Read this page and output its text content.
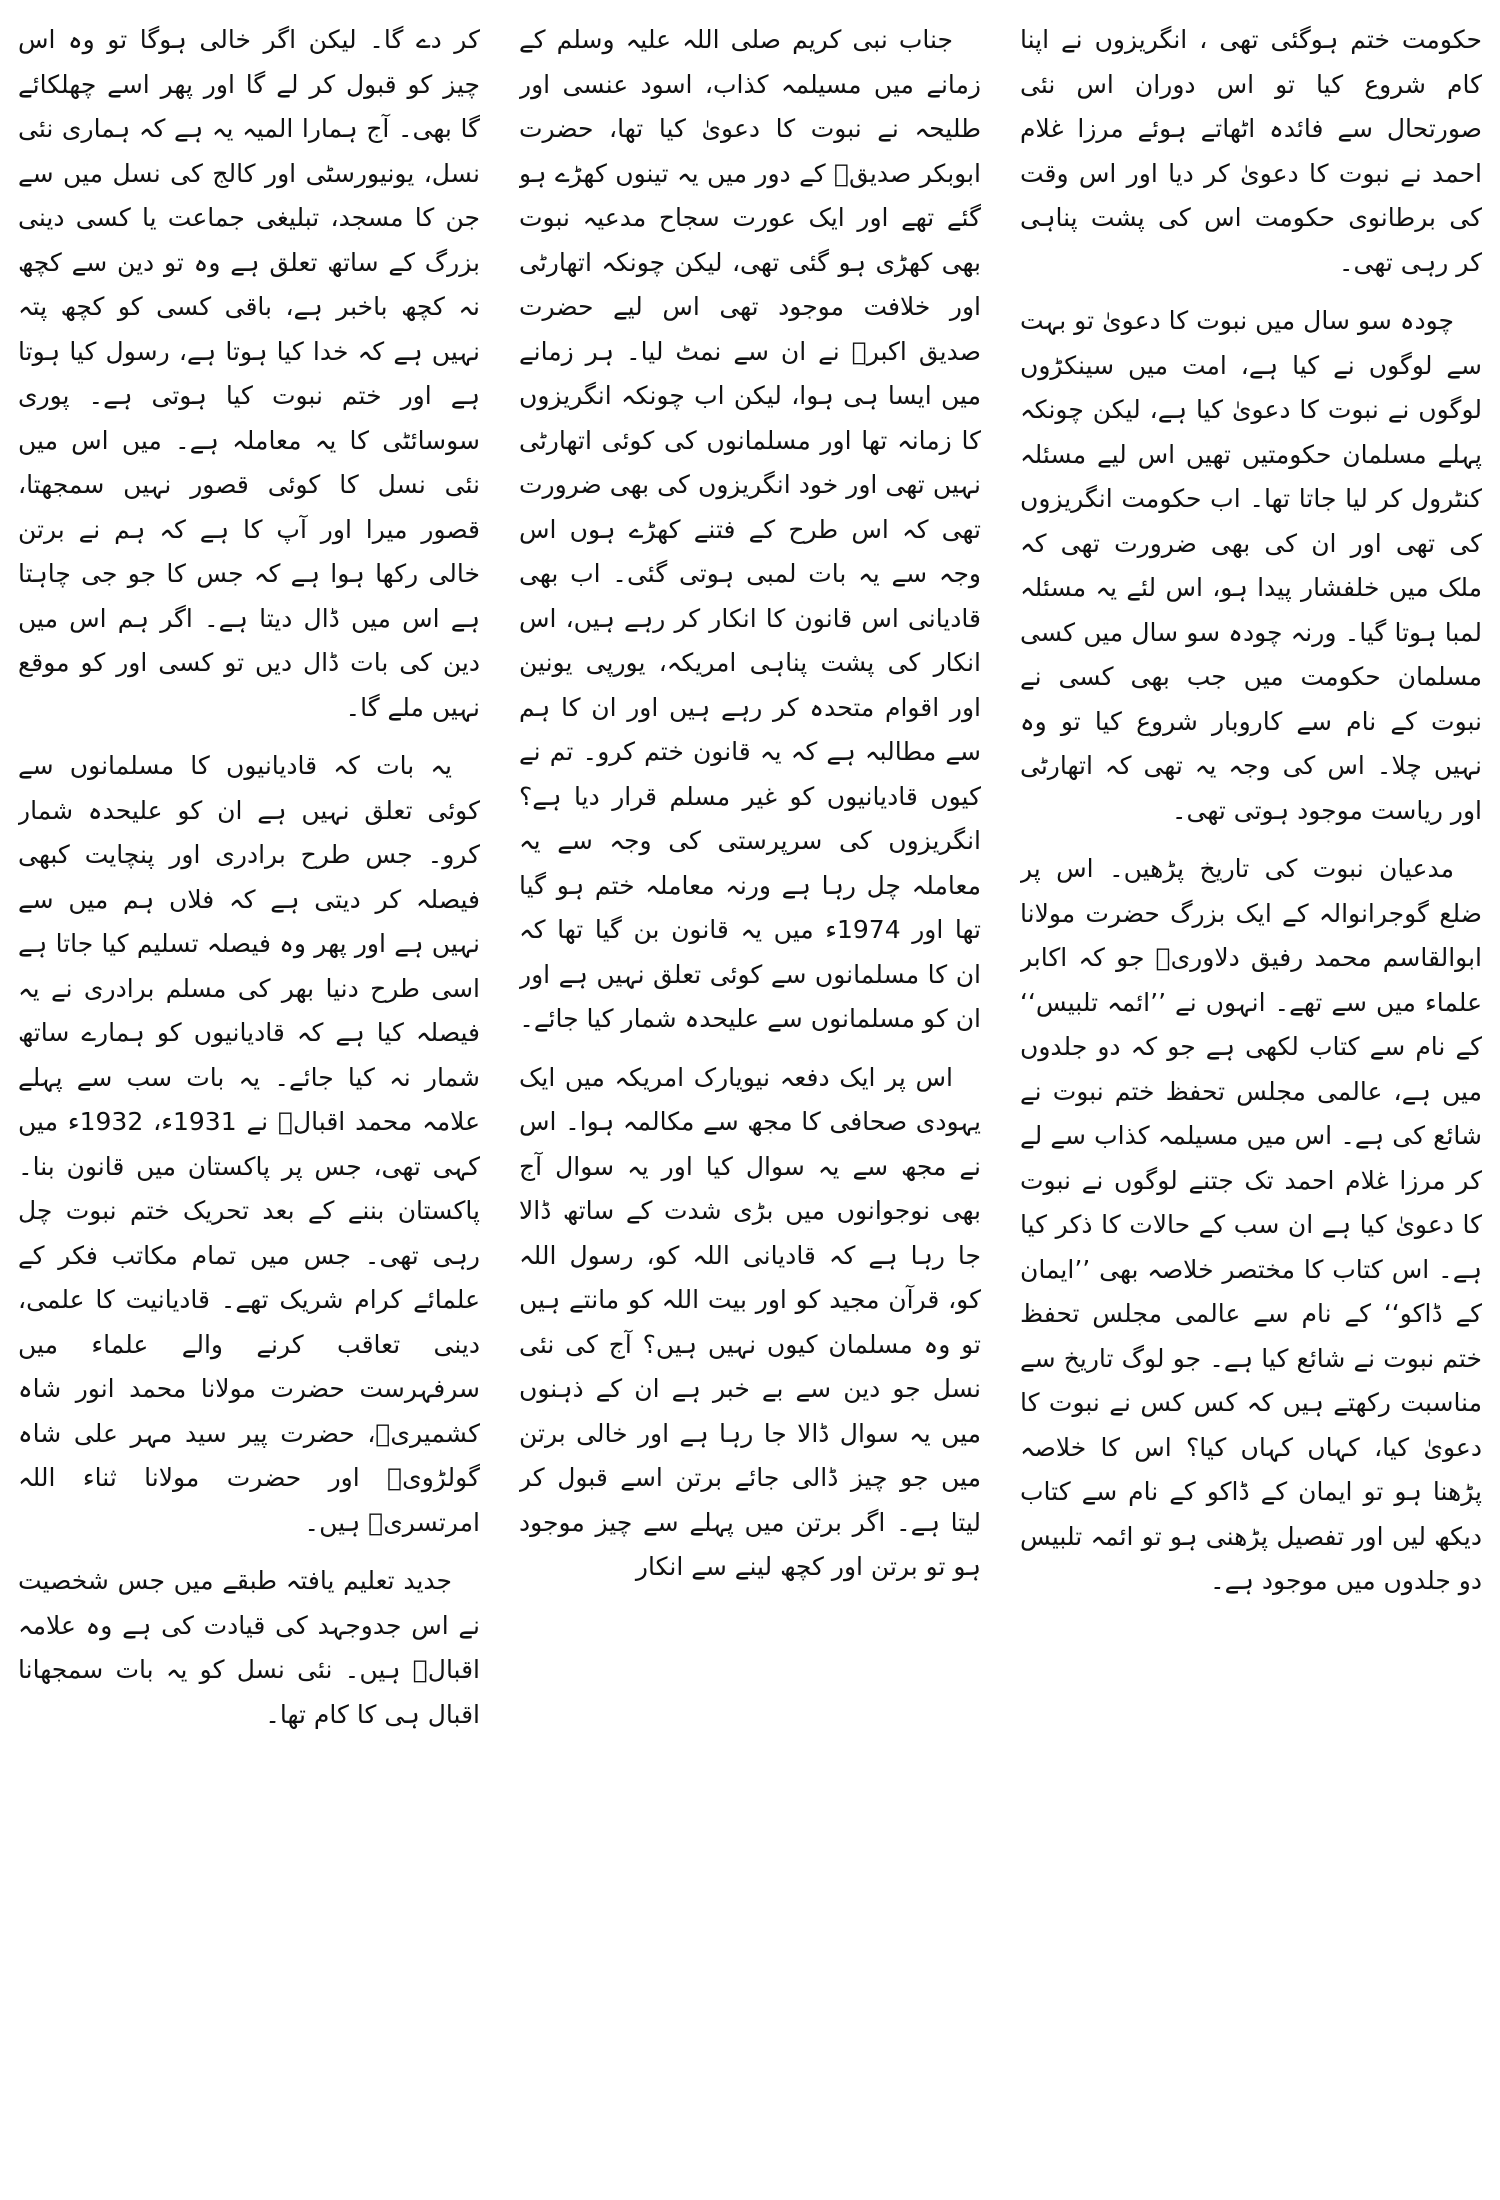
حکومت ختم ہوگئی تھی ، انگریزوں نے اپنا کام شروع کیا تو اس دوران اس نئی صورتحال سے فائدہ اٹھاتے ہوئے مرزا غلام احمد نے نبوت کا دعویٰ کر دیا اور اس وقت کی برطانوی حکومت اس کی پشت پناہی کر رہی تھی۔

چودہ سو سال میں نبوت کا دعویٰ تو بہت سے لوگوں نے کیا ہے، امت میں سینکڑوں لوگوں نے نبوت کا دعویٰ کیا ہے، لیکن چونکہ پہلے مسلمان حکومتیں تھیں اس لیے مسئلہ کنٹرول کر لیا جاتا تھا۔ اب حکومت انگریزوں کی تھی اور ان کی بھی ضرورت تھی کہ ملک میں خلفشار پیدا ہو، اس لئے یہ مسئلہ لمبا ہوتا گیا۔ ورنہ چودہ سو سال میں کسی مسلمان حکومت میں جب بھی کسی نے نبوت کے نام سے کاروبار شروع کیا تو وہ نہیں چلا۔ اس کی وجہ یہ تھی کہ اتھارٹی اور ریاست موجود ہوتی تھی۔

مدعیان نبوت کی تاریخ پڑھیں۔ اس پر ضلع گوجرانوالہ کے ایک بزرگ حضرت مولانا ابوالقاسم محمد رفیق دلاوریؒ جو کہ اکابر علماء میں سے تھے۔ انہوں نے ’’ائمہ تلبیس‘‘ کے نام سے کتاب لکھی ہے جو کہ دو جلدوں میں ہے، عالمی مجلس تحفظ ختم نبوت نے شائع کی ہے۔ اس میں مسیلمہ کذاب سے لے کر مرزا غلام احمد تک جتنے لوگوں نے نبوت کا دعویٰ کیا ہے ان سب کے حالات کا ذکر کیا ہے۔ اس کتاب کا مختصر خلاصہ بھی ’’ایمان کے ڈاکو‘‘ کے نام سے عالمی مجلس تحفظ ختم نبوت نے شائع کیا ہے۔ جو لوگ تاریخ سے مناسبت رکھتے ہیں کہ کس کس نے نبوت کا دعویٰ کیا، کہاں کہاں کیا؟ اس کا خلاصہ پڑھنا ہو تو ایمان کے ڈاکو کے نام سے کتاب دیکھ لیں اور تفصیل پڑھنی ہو تو ائمہ تلبیس دو جلدوں میں موجود ہے۔

جناب نبی کریم صلی اللہ علیہ وسلم کے زمانے میں مسیلمہ کذاب، اسود عنسی اور طلیحہ نے نبوت کا دعویٰ کیا تھا، حضرت ابوبکر صدیقؓ کے دور میں یہ تینوں کھڑے ہو گئے تھے اور ایک عورت سجاح مدعیہ نبوت بھی کھڑی ہو گئی تھی، لیکن چونکہ اتھارٹی اور خلافت موجود تھی اس لیے حضرت صدیق اکبرؓ نے ان سے نمٹ لیا۔ ہر زمانے میں ایسا ہی ہوا، لیکن اب چونکہ انگریزوں کا زمانہ تھا اور مسلمانوں کی کوئی اتھارٹی نہیں تھی اور خود انگریزوں کی بھی ضرورت تھی کہ اس طرح کے فتنے کھڑے ہوں اس وجہ سے یہ بات لمبی ہوتی گئی۔ اب بھی قادیانی اس قانون کا انکار کر رہے ہیں، اس انکار کی پشت پناہی امریکہ، یورپی یونین اور اقوام متحدہ کر رہے ہیں اور ان کا ہم سے مطالبہ ہے کہ یہ قانون ختم کرو۔ تم نے کیوں قادیانیوں کو غیر مسلم قرار دیا ہے؟ انگریزوں کی سرپرستی کی وجہ سے یہ معاملہ چل رہا ہے ورنہ معاملہ ختم ہو گیا تھا اور 1974ء میں یہ قانون بن گیا تھا کہ ان کا مسلمانوں سے کوئی تعلق نہیں ہے اور ان کو مسلمانوں سے علیحدہ شمار کیا جائے۔

اس پر ایک دفعہ نیویارک امریکہ میں ایک یہودی صحافی کا مجھ سے مکالمہ ہوا۔ اس نے مجھ سے یہ سوال کیا اور یہ سوال آج بھی نوجوانوں میں بڑی شدت کے ساتھ ڈالا جا رہا ہے کہ قادیانی اللہ کو، رسول اللہ کو، قرآن مجید کو اور بیت اللہ کو مانتے ہیں تو وہ مسلمان کیوں نہیں ہیں؟ آج کی نئی نسل جو دین سے بے خبر ہے ان کے ذہنوں میں یہ سوال ڈالا جا رہا ہے اور خالی برتن میں جو چیز ڈالی جائے برتن اسے قبول کر لیتا ہے۔ اگر برتن میں پہلے سے چیز موجود ہو تو برتن اور کچھ لینے سے انکار

کر دے گا۔ لیکن اگر خالی ہوگا تو وہ اس چیز کو قبول کر لے گا اور پھر اسے چھلکائے گا بھی۔ آج ہمارا المیہ یہ ہے کہ ہماری نئی نسل، یونیورسٹی اور کالج کی نسل میں سے جن کا مسجد، تبلیغی جماعت یا کسی دینی بزرگ کے ساتھ تعلق ہے وہ تو دین سے کچھ نہ کچھ باخبر ہے، باقی کسی کو کچھ پتہ نہیں ہے کہ خدا کیا ہوتا ہے، رسول کیا ہوتا ہے اور ختم نبوت کیا ہوتی ہے۔ پوری سوسائٹی کا یہ معاملہ ہے۔ میں اس میں نئی نسل کا کوئی قصور نہیں سمجھتا، قصور میرا اور آپ کا ہے کہ ہم نے برتن خالی رکھا ہوا ہے کہ جس کا جو جی چاہتا ہے اس میں ڈال دیتا ہے۔ اگر ہم اس میں دین کی بات ڈال دیں تو کسی اور کو موقع نہیں ملے گا۔

یہ بات کہ قادیانیوں کا مسلمانوں سے کوئی تعلق نہیں ہے ان کو علیحدہ شمار کرو۔ جس طرح برادری اور پنچایت کبھی فیصلہ کر دیتی ہے کہ فلاں ہم میں سے نہیں ہے اور پھر وہ فیصلہ تسلیم کیا جاتا ہے اسی طرح دنیا بھر کی مسلم برادری نے یہ فیصلہ کیا ہے کہ قادیانیوں کو ہمارے ساتھ شمار نہ کیا جائے۔ یہ بات سب سے پہلے علامہ محمد اقبالؒ نے 1931ء، 1932ء میں کہی تھی، جس پر پاکستان میں قانون بنا۔ پاکستان بننے کے بعد تحریک ختم نبوت چل رہی تھی۔ جس میں تمام مکاتب فکر کے علمائے کرام شریک تھے۔ قادیانیت کا علمی، دینی تعاقب کرنے والے علماء میں سرفہرست حضرت مولانا محمد انور شاہ کشمیریؒ، حضرت پیر سید مہر علی شاہ گولڑویؒ اور حضرت مولانا ثناء اللہ امرتسریؒ ہیں۔

جدید تعلیم یافتہ طبقے میں جس شخصیت نے اس جدوجہد کی قیادت کی ہے وہ علامہ اقبالؒ ہیں۔ نئی نسل کو یہ بات سمجھانا اقبال ہی کا کام تھا۔
